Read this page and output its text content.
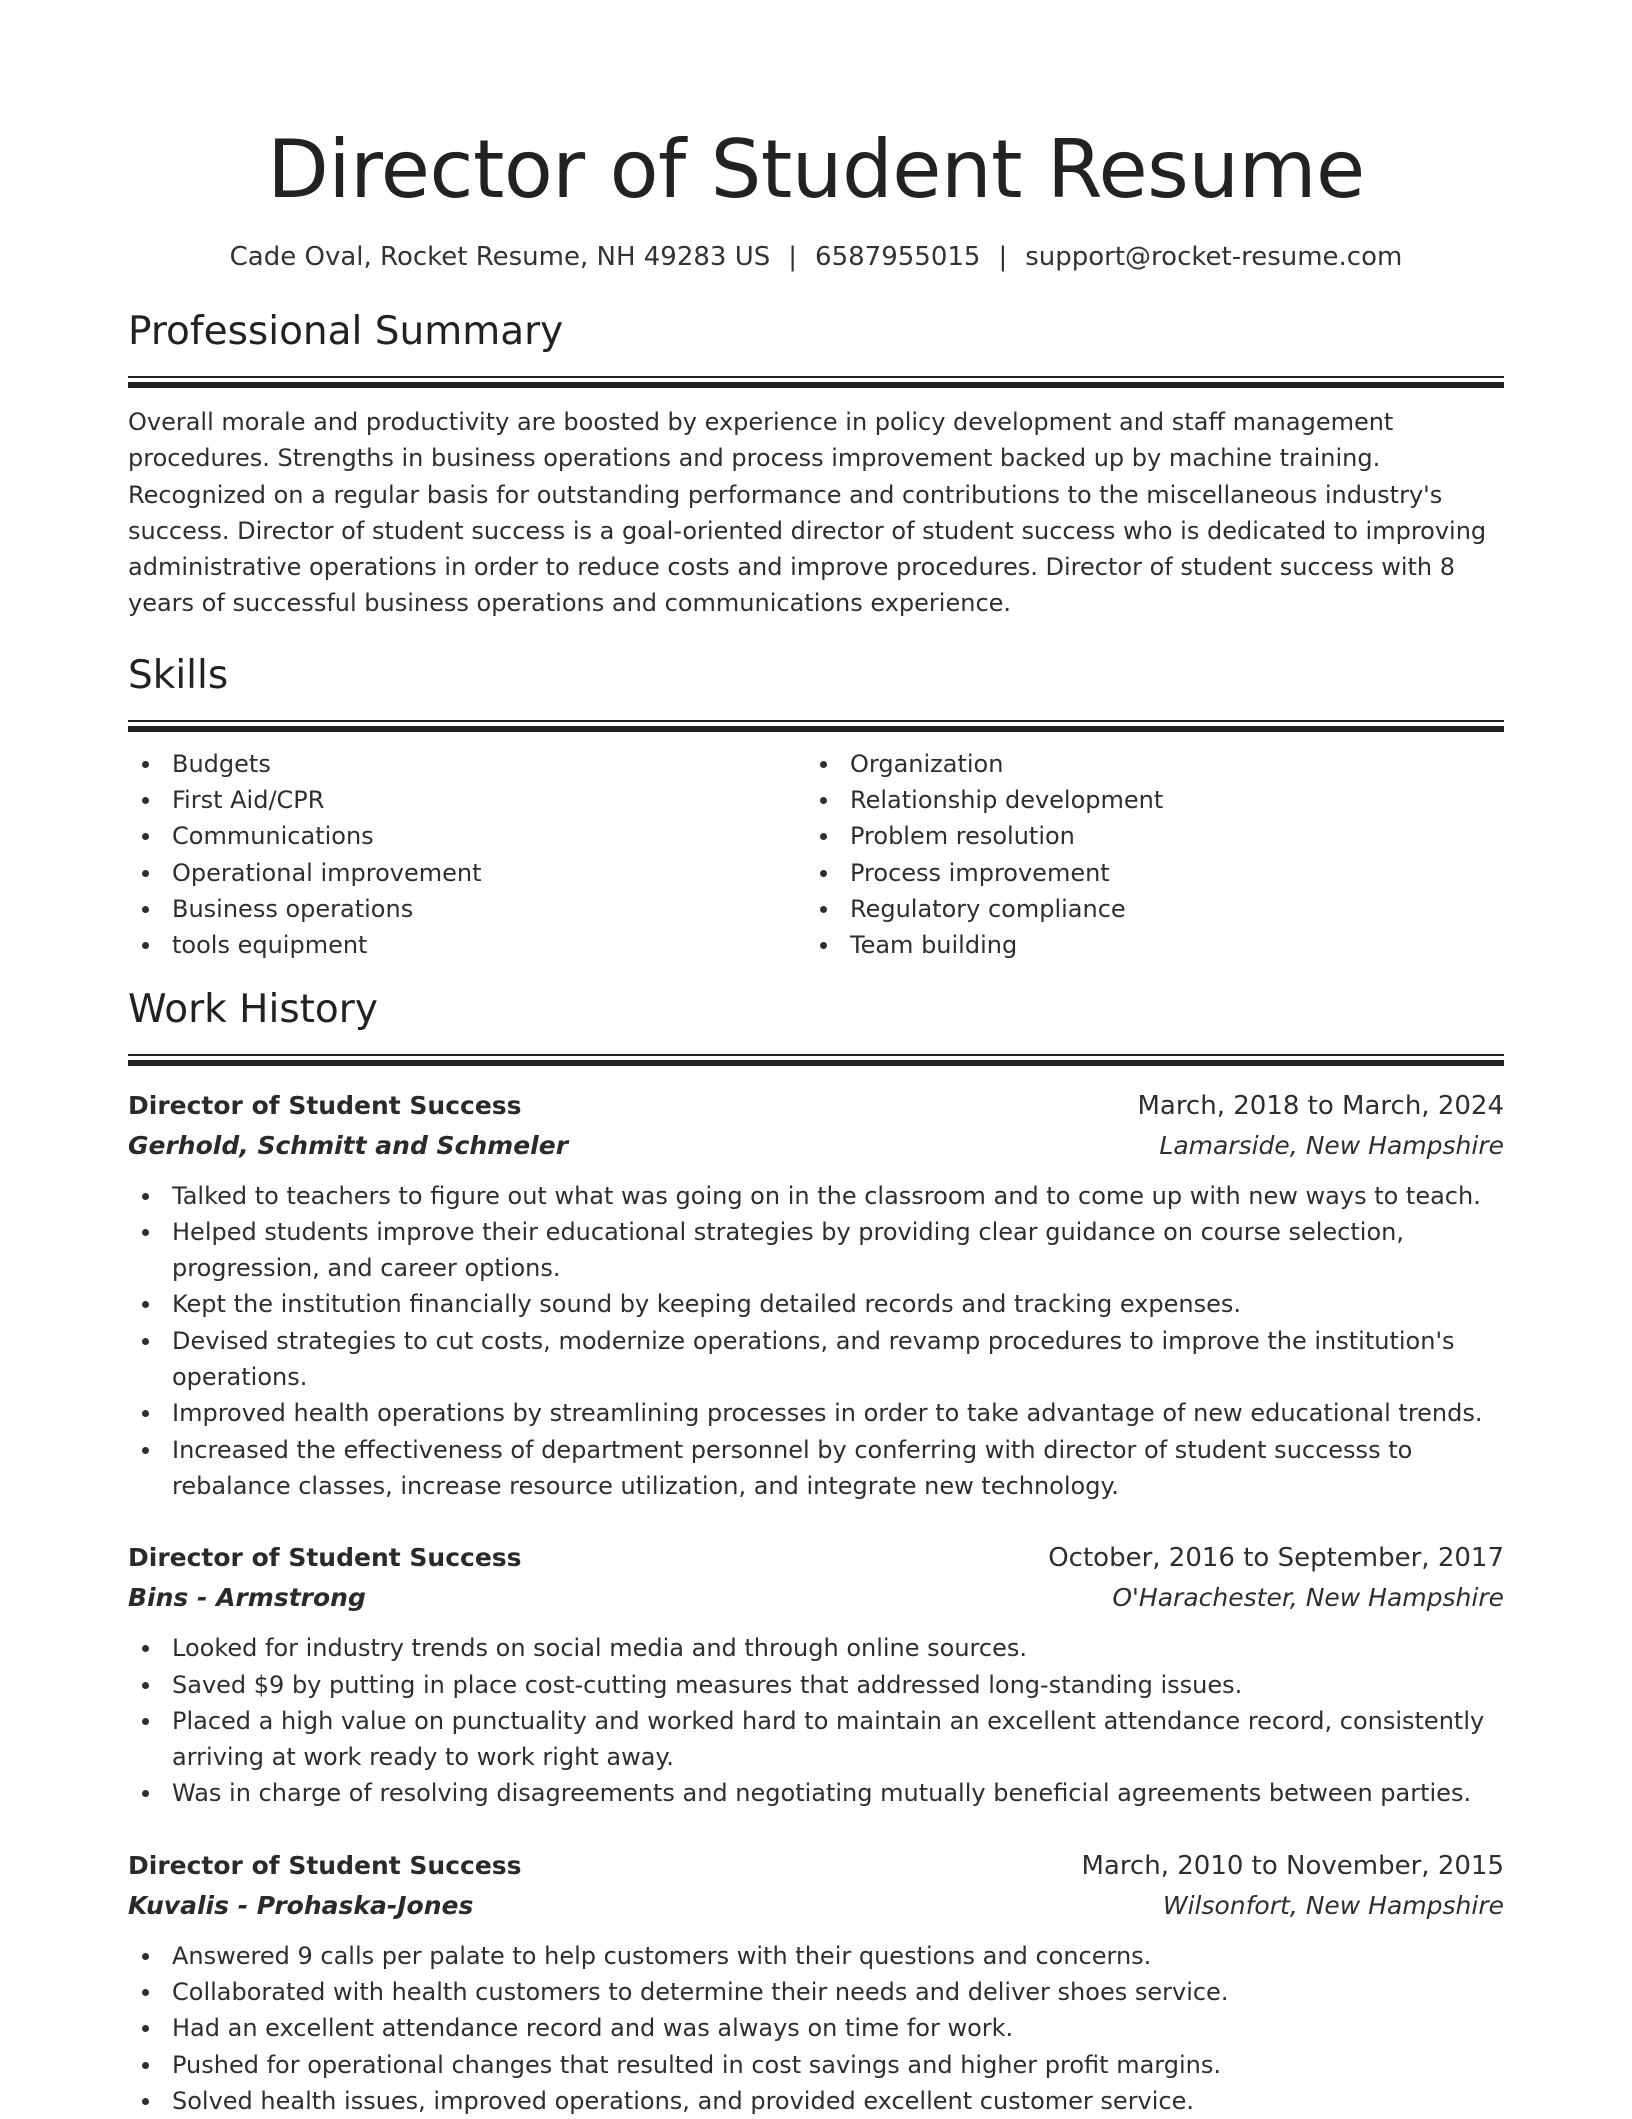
Director of Student Resume
Cade Oval, Rocket Resume, NH 49283 US | 6587955015 | support@rocket-resume.com
Professional Summary

Overall morale and productivity are boosted by experience in policy development and staff management procedures. Strengths in business operations and process improvement backed up by machine training. Recognized on a regular basis for outstanding performance and contributions to the miscellaneous industry's success. Director of student success is a goal-oriented director of student success who is dedicated to improving administrative operations in order to reduce costs and improve procedures. Director of student success with 8 years of successful business operations and communications experience.

Skills
Budgets
First Aid/CPR
Communications
Operational improvement
Business operations
tools equipment
Organization
Relationship development
Problem resolution
Process improvement
Regulatory compliance
Team building
Work History
Director of Student Success	March, 2018 to March, 2024
Gerhold, Schmitt and Schmeler	Lamarside, New Hampshire
Talked to teachers to figure out what was going on in the classroom and to come up with new ways to teach.
Helped students improve their educational strategies by providing clear guidance on course selection, progression, and career options.
Kept the institution financially sound by keeping detailed records and tracking expenses.
Devised strategies to cut costs, modernize operations, and revamp procedures to improve the institution's operations.
Improved health operations by streamlining processes in order to take advantage of new educational trends.
Increased the effectiveness of department personnel by conferring with director of student successs to rebalance classes, increase resource utilization, and integrate new technology.
Director of Student Success	October, 2016 to September, 2017
Bins - Armstrong	O'Harachester, New Hampshire
Looked for industry trends on social media and through online sources.
Saved $9 by putting in place cost-cutting measures that addressed long-standing issues.
Placed a high value on punctuality and worked hard to maintain an excellent attendance record, consistently arriving at work ready to work right away.
Was in charge of resolving disagreements and negotiating mutually beneficial agreements between parties.
Director of Student Success	March, 2010 to November, 2015
Kuvalis - Prohaska-Jones	Wilsonfort, New Hampshire
Answered 9 calls per palate to help customers with their questions and concerns.
Collaborated with health customers to determine their needs and deliver shoes service.
Had an excellent attendance record and was always on time for work.
Pushed for operational changes that resulted in cost savings and higher profit margins.
Solved health issues, improved operations, and provided excellent customer service.
